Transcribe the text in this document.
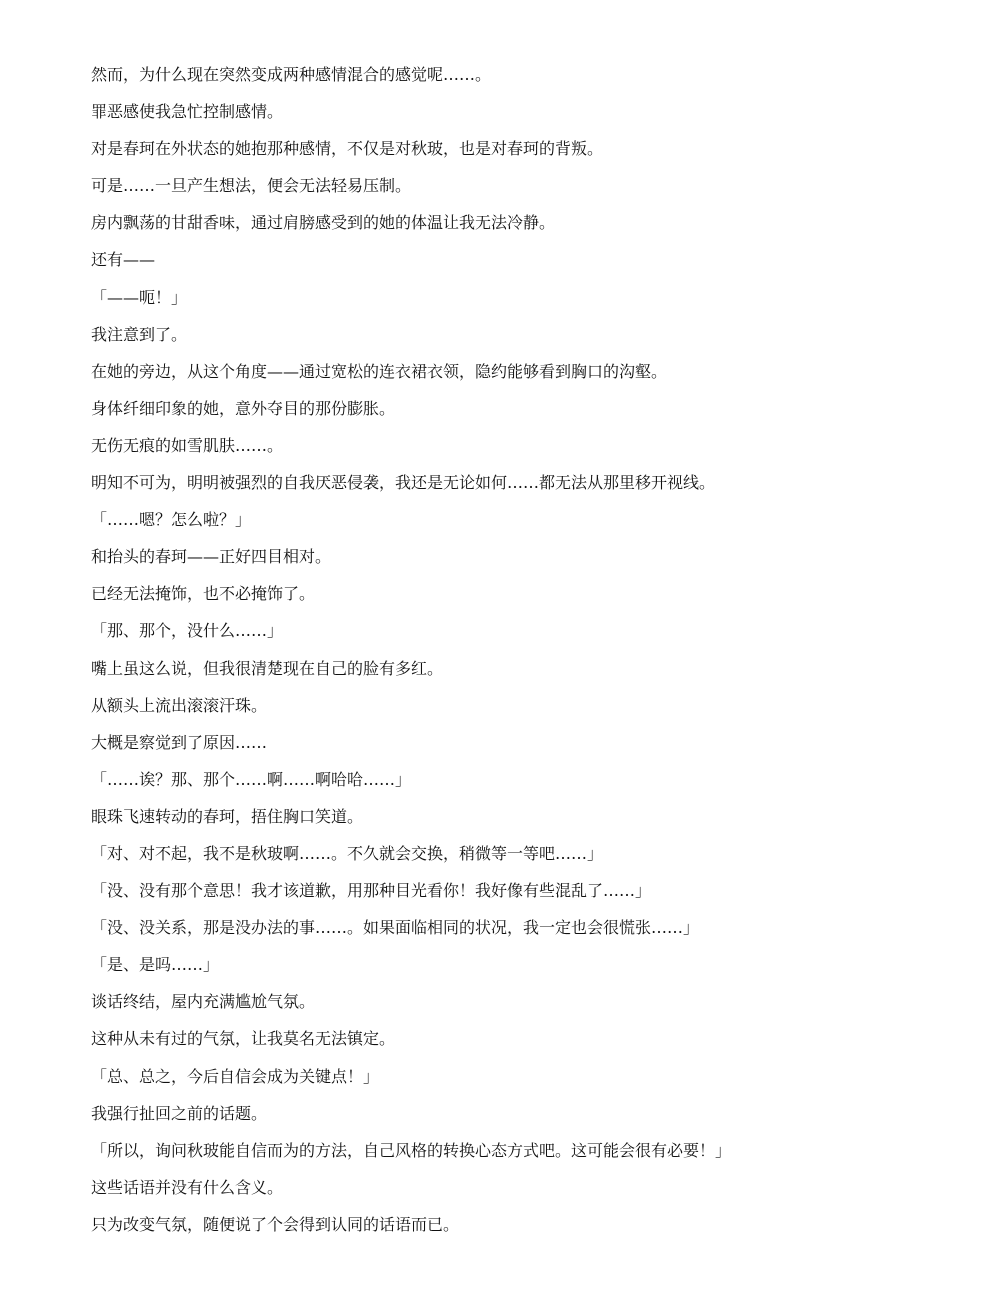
然而，为什么现在突然变成两种感情混合的感觉呢……。
罪恶感使我急忙控制感情。
对是春珂在外状态的她抱那种感情，不仅是对秋玻，也是对春珂的背叛。
可是……一旦产生想法，便会无法轻易压制。
房内飘荡的甘甜香味，通过肩膀感受到的她的体温让我无法冷静。
还有——
「——呃！」
我注意到了。
在她的旁边，从这个角度——通过宽松的连衣裙衣领，隐约能够看到胸口的沟壑。
身体纤细印象的她，意外夺目的那份膨胀。
无伤无痕的如雪肌肤……。
明知不可为，明明被强烈的自我厌恶侵袭，我还是无论如何……都无法从那里移开视线。
「……嗯？怎么啦？」
和抬头的春珂——正好四目相对。
已经无法掩饰，也不必掩饰了。
「那、那个，没什么……」
嘴上虽这么说，但我很清楚现在自己的脸有多红。
从额头上流出滚滚汗珠。
大概是察觉到了原因……
「……诶？那、那个……啊……啊哈哈……」
眼珠飞速转动的春珂，捂住胸口笑道。
「对、对不起，我不是秋玻啊……。不久就会交换，稍微等一等吧……」
「没、没有那个意思！我才该道歉，用那种目光看你！我好像有些混乱了……」
「没、没关系，那是没办法的事……。如果面临相同的状况，我一定也会很慌张……」
「是、是吗……」
谈话终结，屋内充满尴尬气氛。
这种从未有过的气氛，让我莫名无法镇定。
「总、总之，今后自信会成为关键点！」
我强行扯回之前的话题。
「所以，询问秋玻能自信而为的方法，自己风格的转换心态方式吧。这可能会很有必要！」
这些话语并没有什么含义。
只为改变气氛，随便说了个会得到认同的话语而已。
